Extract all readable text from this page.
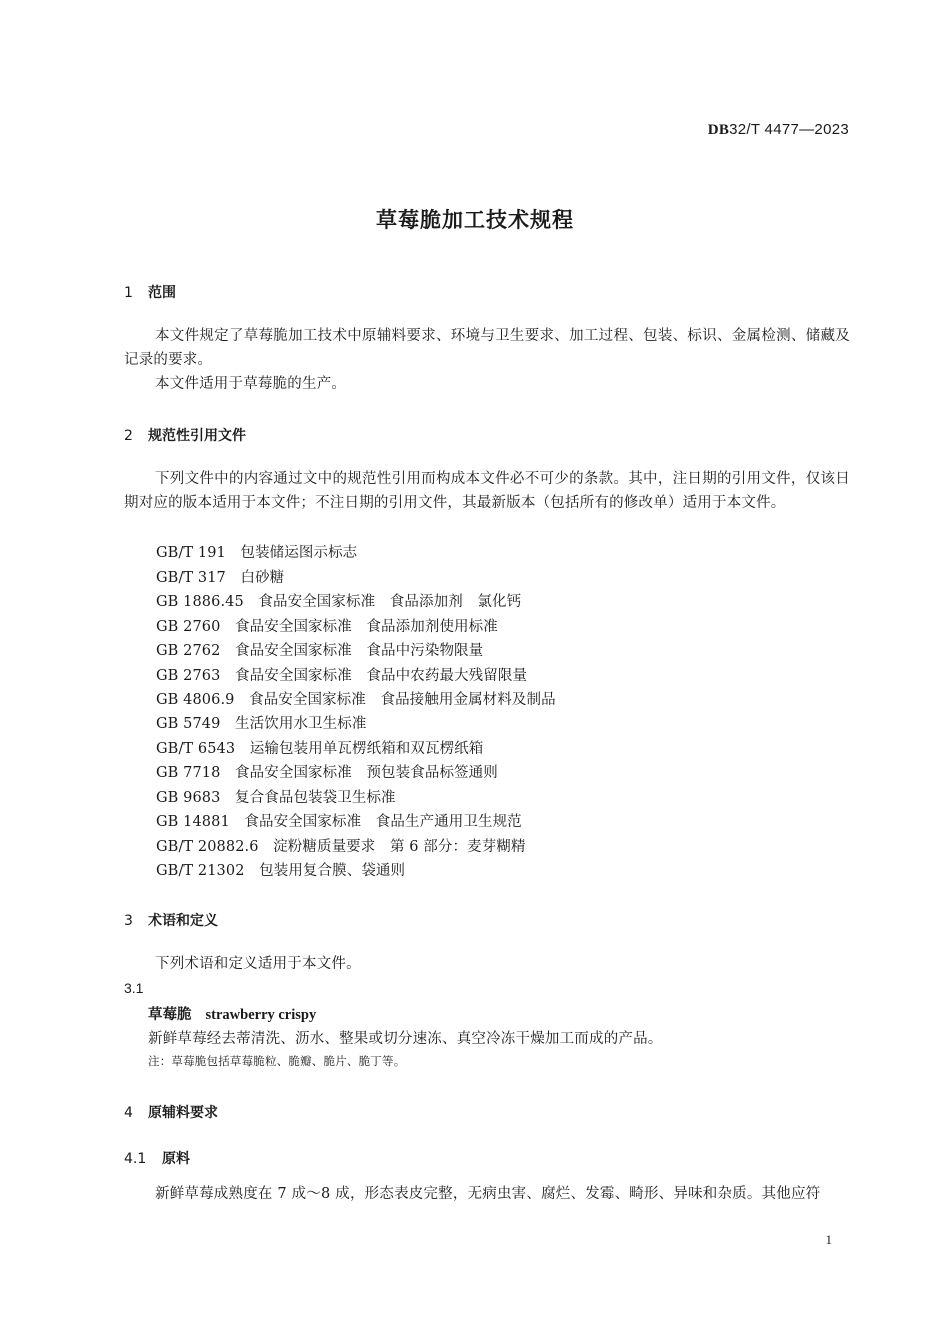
DB32/T 4477—2023
草莓脆加工技术规程
1 范围
本文件规定了草莓脆加工技术中原辅料要求、环境与卫生要求、加工过程、包装、标识、金属检测、储藏及记录的要求。
本文件适用于草莓脆的生产。
2 规范性引用文件
下列文件中的内容通过文中的规范性引用而构成本文件必不可少的条款。其中，注日期的引用文件，仅该日期对应的版本适用于本文件；不注日期的引用文件，其最新版本（包括所有的修改单）适用于本文件。
GB/T 191　包装储运图示标志
GB/T 317　白砂糖
GB 1886.45　食品安全国家标准　食品添加剂　氯化钙
GB 2760　食品安全国家标准　食品添加剂使用标准
GB 2762　食品安全国家标准　食品中污染物限量
GB 2763　食品安全国家标准　食品中农药最大残留限量
GB 4806.9　食品安全国家标准　食品接触用金属材料及制品
GB 5749　生活饮用水卫生标准
GB/T 6543　运输包装用单瓦楞纸箱和双瓦楞纸箱
GB 7718　食品安全国家标准　预包装食品标签通则
GB 9683　复合食品包装袋卫生标准
GB 14881　食品安全国家标准　食品生产通用卫生规范
GB/T 20882.6　淀粉糖质量要求　第 6 部分：麦芽糊精
GB/T 21302　包装用复合膜、袋通则
3 术语和定义
下列术语和定义适用于本文件。
3.1
草莓脆 strawberry crispy
新鲜草莓经去蒂清洗、沥水、整果或切分速冻、真空冷冻干燥加工而成的产品。
注：草莓脆包括草莓脆粒、脆瓣、脆片、脆丁等。
4 原辅料要求
4.1 原料
新鲜草莓成熟度在 7 成～8 成，形态表皮完整，无病虫害、腐烂、发霉、畸形、异味和杂质。其他应符
1
